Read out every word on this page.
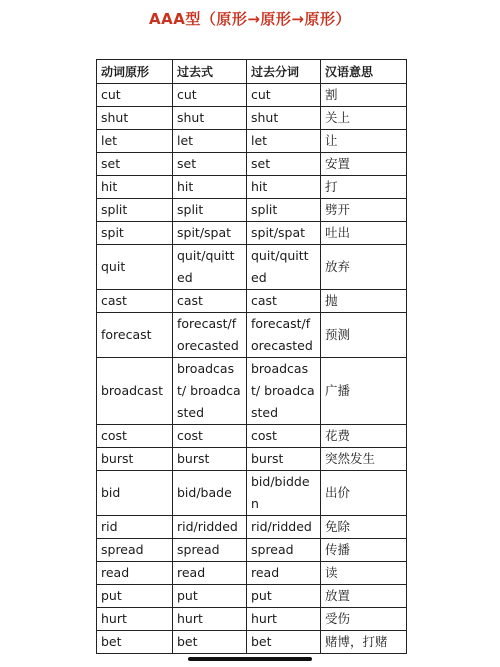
AAA型（原形→原形→原形）
动词原形	过去式	过去分词	汉语意思
cut	cut	cut	割
shut	shut	shut	关上
let	let	let	让
set	set	set	安置
hit	hit	hit	打
split	split	split	劈开
spit	spit/spat	spit/spat	吐出
quit	quit/quitted	quit/quitted	放弃
cast	cast	cast	抛
forecast	forecast/forecasted	forecast/forecasted	预测
broadcast	broadcast/ broadcasted	broadcast/ broadcasted	广播
cost	cost	cost	花费
burst	burst	burst	突然发生
bid	bid/bade	bid/bidden	出价
rid	rid/ridded	rid/ridded	免除
spread	spread	spread	传播
read	read	read	读
put	put	put	放置
hurt	hurt	hurt	受伤
bet	bet	bet	赌博，打赌
